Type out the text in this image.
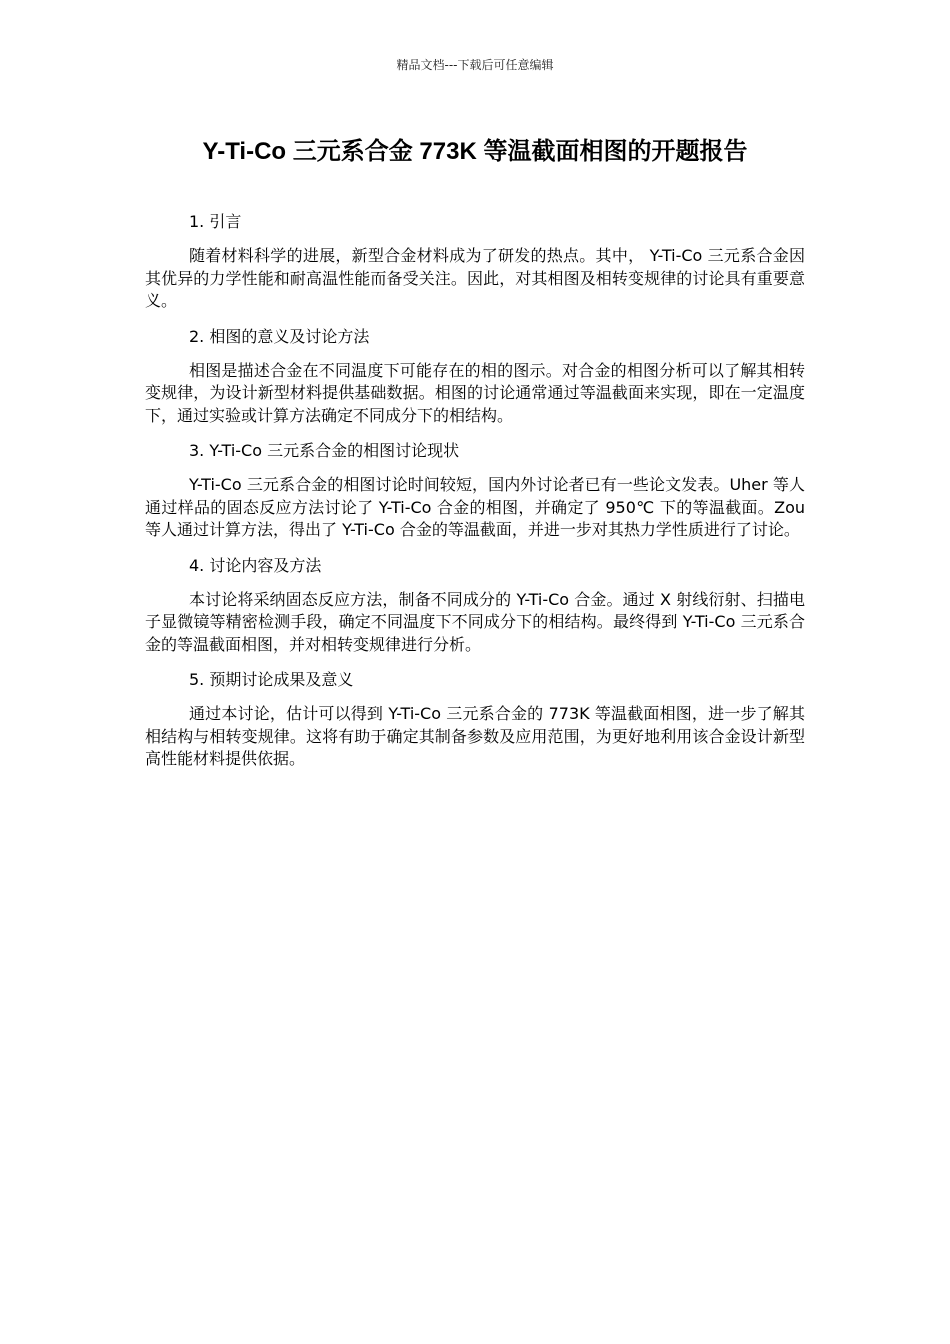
精品文档---下载后可任意编辑
Y-Ti-Co 三元系合金 773K 等温截面相图的开题报告
1. 引言

随着材料科学的进展，新型合金材料成为了研发的热点。其中， Y-Ti-Co 三元系合金因其优异的力学性能和耐高温性能而备受关注。因此，对其相图及相转变规律的讨论具有重要意义。

2. 相图的意义及讨论方法

相图是描述合金在不同温度下可能存在的相的图示。对合金的相图分析可以了解其相转变规律，为设计新型材料提供基础数据。相图的讨论通常通过等温截面来实现，即在一定温度下，通过实验或计算方法确定不同成分下的相结构。

3. Y-Ti-Co 三元系合金的相图讨论现状

Y-Ti-Co 三元系合金的相图讨论时间较短，国内外讨论者已有一些论文发表。Uher 等人通过样品的固态反应方法讨论了 Y-Ti-Co 合金的相图，并确定了 950℃ 下的等温截面。Zou 等人通过计算方法，得出了 Y-Ti-Co 合金的等温截面，并进一步对其热力学性质进行了讨论。

4. 讨论内容及方法

本讨论将采纳固态反应方法，制备不同成分的 Y-Ti-Co 合金。通过 X 射线衍射、扫描电子显微镜等精密检测手段，确定不同温度下不同成分下的相结构。最终得到 Y-Ti-Co 三元系合金的等温截面相图，并对相转变规律进行分析。

5. 预期讨论成果及意义

通过本讨论，估计可以得到 Y-Ti-Co 三元系合金的 773K 等温截面相图，进一步了解其相结构与相转变规律。这将有助于确定其制备参数及应用范围，为更好地利用该合金设计新型高性能材料提供依据。
